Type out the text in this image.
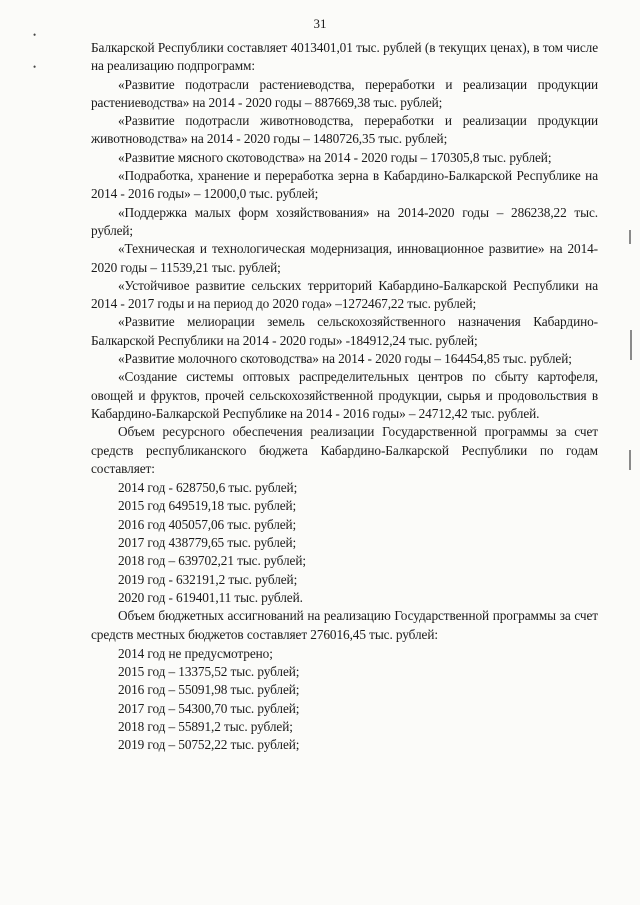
31
•
•

Балкарской Республики составляет 4013401,01 тыс. рублей (в текущих ценах), в том числе на реализацию подпрограмм:

«Развитие подотрасли растениеводства, переработки и реализации продукции растениеводства» на 2014 - 2020 годы – 887669,38 тыс. рублей;

«Развитие подотрасли животноводства, переработки и реализации продукции животноводства» на 2014 - 2020 годы – 1480726,35 тыс. рублей;

«Развитие мясного скотоводства» на 2014 - 2020 годы – 170305,8 тыс. рублей;

«Подработка, хранение и переработка зерна в Кабардино-Балкарской Республике на 2014 - 2016 годы» – 12000,0 тыс. рублей;

«Поддержка малых форм хозяйствования» на 2014-2020 годы – 286238,22 тыс. рублей;

«Техническая и технологическая модернизация, инновационное развитие» на 2014-2020 годы – 11539,21 тыс. рублей;

«Устойчивое развитие сельских территорий Кабардино-Балкарской Республики на 2014 - 2017 годы и на период до 2020 года» –1272467,22 тыс. рублей;

«Развитие мелиорации земель сельскохозяйственного назначения Кабардино-Балкарской Республики на 2014 - 2020 годы» -184912,24 тыс. рублей;

«Развитие молочного скотоводства» на 2014 - 2020 годы – 164454,85 тыс. рублей;

«Создание системы оптовых распределительных центров по сбыту картофеля, овощей и фруктов, прочей сельскохозяйственной продукции, сырья и продовольствия в Кабардино-Балкарской Республике на 2014 - 2016 годы» – 24712,42 тыс. рублей.

Объем ресурсного обеспечения реализации Государственной программы за счет средств республиканского бюджета Кабардино-Балкарской Республики по годам составляет:

2014 год - 628750,6 тыс. рублей;
2015 год 649519,18 тыс. рублей;
2016 год 405057,06 тыс. рублей;
2017 год 438779,65 тыс. рублей;
2018 год – 639702,21 тыс. рублей;
2019 год - 632191,2 тыс. рублей;
2020 год - 619401,11 тыс. рублей.

Объем бюджетных ассигнований на реализацию Государственной программы за счет средств местных бюджетов составляет 276016,45 тыс. рублей:

2014 год не предусмотрено;
2015 год – 13375,52 тыс. рублей;
2016 год – 55091,98 тыс. рублей;
2017 год – 54300,70 тыс. рублей;
2018 год – 55891,2 тыс. рублей;
2019 год – 50752,22 тыс. рублей;
